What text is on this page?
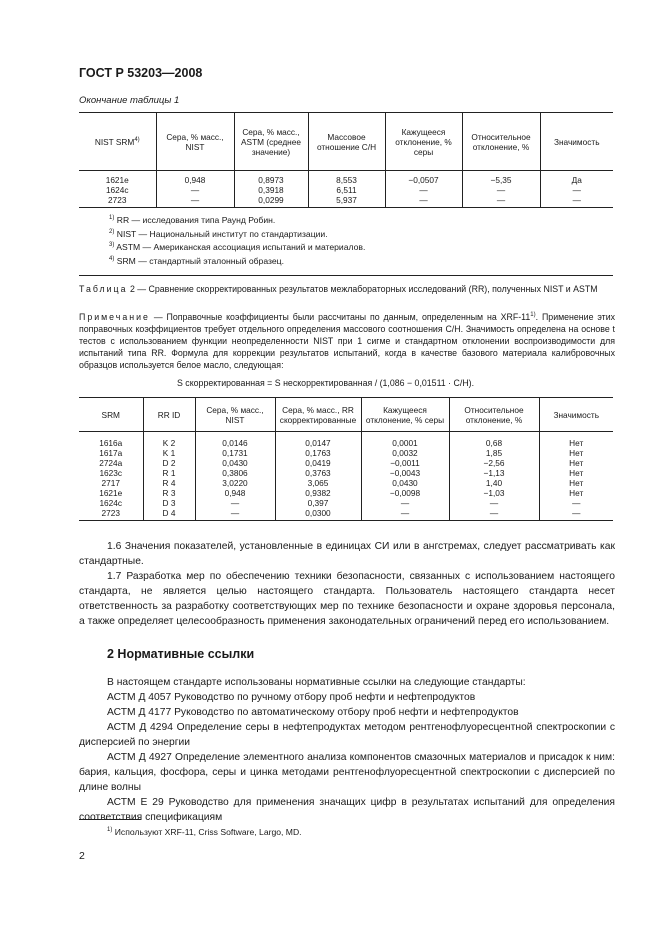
ГОСТ Р 53203—2008
Окончание таблицы 1
NIST SRM$^{4)}$	Сера, % масс., NIST	Сера, % масс., ASTM (среднее значение)	Массовое отношение C/H	Кажущееся отклонение, % серы	Относительное отклонение, %	Значимость
1621e	0,948	0,8973	8,553	−0,0507	−5,35	Да
1624c	—	0,3918	6,511	—	—	—
2723	—	0,0299	5,937	—	—	—

$^{1)}$ RR — исследования типа Раунд Робин.
$^{2)}$ NIST — Национальный институт по стандартизации.
$^{3)}$ ASTM — Американская ассоциация испытаний и материалов.
$^{4)}$ SRM — стандартный эталонный образец.						
Таблица 2 — Сравнение скорректированных результатов межлабораторных исследований (RR), полученных NIST и ASTM
Примечание — Поправочные коэффициенты были рассчитаны по данным, определенным на XRF-11$^{1)}$. Применение этих поправочных коэффициентов требует отдельного определения массового соотношения C/H. Значимость определена на основе t тестов с использованием функции неопределенности NIST при 1 сигме и стандартном отклонении воспроизводимости для испытаний типа RR. Формула для коррекции результатов испытаний, когда в качестве базового материала калибровочных образцов используется белое масло, следующая:
S скорректированная = S нескорректированная / (1,086 − 0,01511 · C/H).
SRM	RR ID	Сера, % масс., NIST	Сера, % масс., RR скорректированные	Кажущееся отклонение, % серы	Относительное отклонение, %	Значимость
1616a	K 2	0,0146	0,0147	0,0001	0,68	Нет
1617a	K 1	0,1731	0,1763	0,0032	1,85	Нет
2724a	D 2	0,0430	0,0419	−0,0011	−2,56	Нет
1623c	R 1	0,3806	0,3763	−0,0043	−1,13	Нет
2717	R 4	3,0220	3,065	0,0430	1,40	Нет
1621e	R 3	0,948	0,9382	−0,0098	−1,03	Нет
1624c	D 3	—	0,397	—	—	—
2723	D 4	—	0,0300	—	—	—

1.6 Значения показателей, установленные в единицах СИ или в ангстремах, следует рассматривать как стандартные.

1.7 Разработка мер по обеспечению техники безопасности, связанных с использованием настоящего стандарта, не является целью настоящего стандарта. Пользователь настоящего стандарта несет ответственность за разработку соответствующих мер по технике безопасности и охране здоровья персонала, а также определяет целесообразность применения законодательных ограничений перед его использованием.

2 Нормативные ссылки

В настоящем стандарте использованы нормативные ссылки на следующие стандарты:

АСТМ Д 4057 Руководство по ручному отбору проб нефти и нефтепродуктов

АСТМ Д 4177 Руководство по автоматическому отбору проб нефти и нефтепродуктов

АСТМ Д 4294 Определение серы в нефтепродуктах методом рентгенофлуоресцентной спектроскопии с дисперсией по энергии

АСТМ Д 4927 Определение элементного анализа компонентов смазочных материалов и присадок к ним: бария, кальция, фосфора, серы и цинка методами рентгенофлуоресцентной спектроскопии с дисперсией по длине волны

АСТМ Е 29 Руководство для применения значащих цифр в результатах испытаний для определения соответствия спецификациям

$^{1)}$ Используют XRF-11, Criss Software, Largo, MD.
2
